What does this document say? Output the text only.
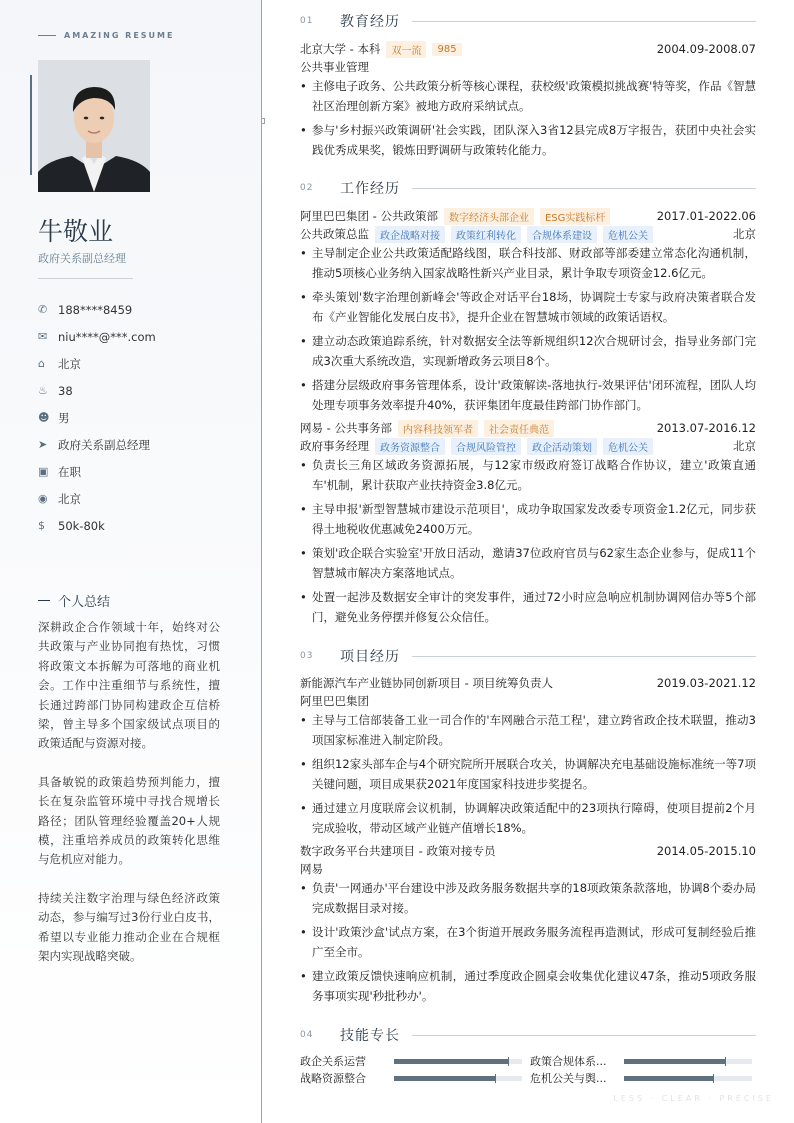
AMAZING RESUME
牛敬业
政府关系副总经理
✆ 188****8459
✉ niu****@***.com
⌂	北京
♨ 38
☻ 男
➤ 政府关系副总经理
▣ 在职
◉ 北京
$	50k-80k
个人总结

深耕政企合作领域十年，始终对公共政策与产业协同抱有热忱，习惯将政策文本拆解为可落地的商业机会。工作中注重细节与系统性，擅长通过跨部门协同构建政企互信桥梁，曾主导多个国家级试点项目的政策适配与资源对接。

具备敏锐的政策趋势预判能力，擅长在复杂监管环境中寻找合规增长路径；团队管理经验覆盖20+人规模，注重培养成员的政策转化思维与危机应对能力。

持续关注数字治理与绿色经济政策动态，参与编写过3份行业白皮书，希望以专业能力推动企业在合规框架内实现战略突破。

01	教育经历
北京大学 - 本科	双一流	985	2004.09-2008.07
公共事业管理
• 主修电子政务、公共政策分析等核心课程，获校级'政策模拟挑战赛'特等奖，作品《智慧社区治理创新方案》被地方政府采纳试点。
• 参与'乡村振兴政策调研'社会实践，团队深入3省12县完成8万字报告，获团中央社会实践优秀成果奖，锻炼田野调研与政策转化能力。
02	工作经历
阿里巴巴集团 - 公共政策部	数字经济头部企业	ESG实践标杆	2017.01-2022.06
公共政策总监	政企战略对接	政策红利转化	合规体系建设	危机公关	北京
• 主导制定企业公共政策适配路线图，联合科技部、财政部等部委建立常态化沟通机制，推动5项核心业务纳入国家战略性新兴产业目录，累计争取专项资金12.6亿元。
• 牵头策划'数字治理创新峰会'等政企对话平台18场，协调院士专家与政府决策者联合发布《产业智能化发展白皮书》，提升企业在智慧城市领域的政策话语权。
• 建立动态政策追踪系统，针对数据安全法等新规组织12次合规研讨会，指导业务部门完成3次重大系统改造，实现新增政务云项目8个。
• 搭建分层级政府事务管理体系，设计'政策解读-落地执行-效果评估'闭环流程，团队人均处理专项事务效率提升40%，获评集团年度最佳跨部门协作部门。
网易 - 公共事务部	内容科技领军者	社会责任典范	2013.07-2016.12
政府事务经理	政务资源整合	合规风险管控	政企活动策划	危机公关	北京
• 负责长三角区域政务资源拓展，与12家市级政府签订战略合作协议，建立'政策直通车'机制，累计获取产业扶持资金3.8亿元。
• 主导申报'新型智慧城市建设示范项目'，成功争取国家发改委专项资金1.2亿元，同步获得土地税收优惠减免2400万元。
• 策划'政企联合实验室'开放日活动，邀请37位政府官员与62家生态企业参与，促成11个智慧城市解决方案落地试点。
• 处置一起涉及数据安全审计的突发事件，通过72小时应急响应机制协调网信办等5个部门，避免业务停摆并修复公众信任。
03	项目经历
新能源汽车产业链协同创新项目 - 项目统筹负责人	2019.03-2021.12
阿里巴巴集团
• 主导与工信部装备工业一司合作的'车网融合示范工程'，建立跨省政企技术联盟，推动3项国家标准进入制定阶段。
• 组织12家头部车企与4个研究院所开展联合攻关，协调解决充电基础设施标准统一等7项关键问题，项目成果获2021年度国家科技进步奖提名。
• 通过建立月度联席会议机制，协调解决政策适配中的23项执行障碍，使项目提前2个月完成验收，带动区域产业链产值增长18%。
数字政务平台共建项目 - 政策对接专员	2014.05-2015.10
网易
• 负责'一网通办'平台建设中涉及政务服务数据共享的18项政策条款落地，协调8个委办局完成数据目录对接。
• 设计'政策沙盒'试点方案，在3个街道开展政务服务流程再造测试，形成可复制经验后推广至全市。
• 建立政策反馈快速响应机制，通过季度政企圆桌会收集优化建议47条，推动5项政务服务事项实现'秒批秒办'。
04	技能专长
政企关系运营	政策合规体系...
战略资源整合	危机公关与舆...
LESS · CLEAR · PRECISE
